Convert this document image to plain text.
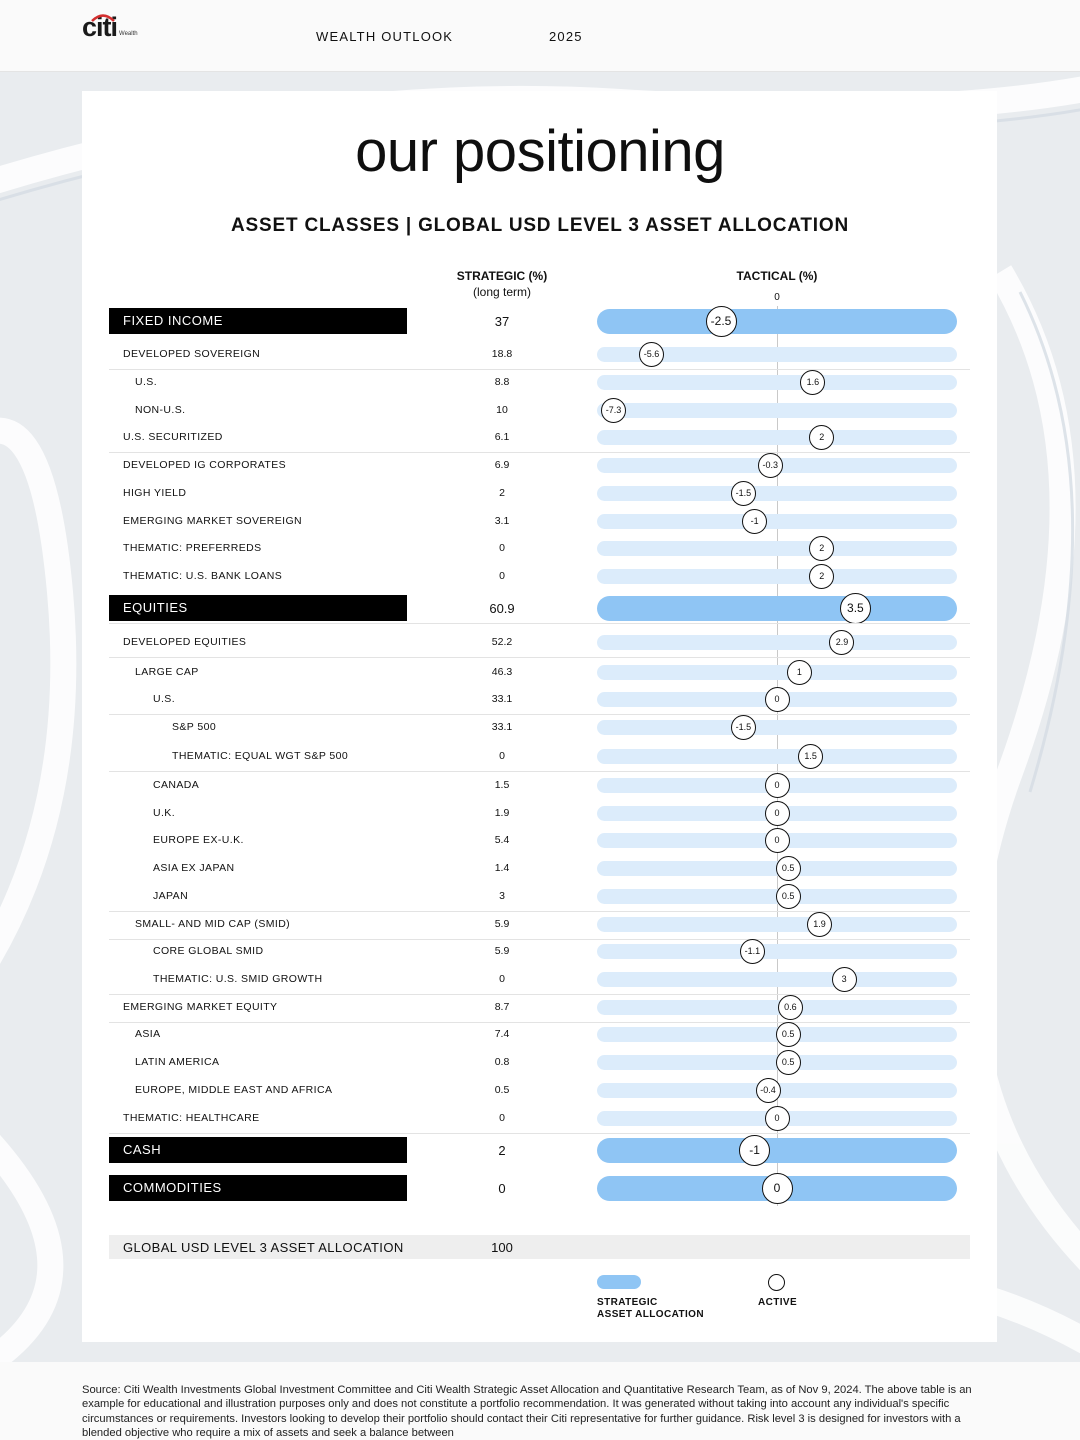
citi Wealth	WEALTH OUTLOOK	2025
our positioning
ASSET CLASSES | GLOBAL USD LEVEL 3 ASSET ALLOCATION
STRATEGIC (%)
(long term)
TACTICAL (%)
0
FIXED INCOME	37	-2.5
DEVELOPED SOVEREIGN	18.8	-5.6
U.S.	8.8	1.6
NON-U.S.	10	-7.3
U.S. SECURITIZED	6.1	2
DEVELOPED IG CORPORATES	6.9	-0.3
HIGH YIELD	2	-1.5
EMERGING MARKET SOVEREIGN	3.1	-1
THEMATIC: PREFERREDS	0	2
THEMATIC: U.S. BANK LOANS	0	2
EQUITIES	60.9	3.5
DEVELOPED EQUITIES	52.2	2.9
LARGE CAP	46.3	1
U.S.	33.1	0
S&P 500	33.1	-1.5
THEMATIC: EQUAL WGT S&P 500	0	1.5
CANADA	1.5	0
U.K.	1.9	0
EUROPE EX-U.K.	5.4	0
ASIA EX JAPAN	1.4	0.5
JAPAN	3	0.5
SMALL- AND MID CAP (SMID)	5.9	1.9
CORE GLOBAL SMID	5.9	-1.1
THEMATIC: U.S. SMID GROWTH	0	3
EMERGING MARKET EQUITY	8.7	0.6
ASIA	7.4	0.5
LATIN AMERICA	0.8	0.5
EUROPE, MIDDLE EAST AND AFRICA	0.5	-0.4
THEMATIC: HEALTHCARE	0	0
CASH	2	-1
COMMODITIES	0	0
GLOBAL USD LEVEL 3 ASSET ALLOCATION	100
STRATEGIC
ASSET ALLOCATION
ACTIVE
Source: Citi Wealth Investments Global Investment Committee and Citi Wealth Strategic Asset Allocation and Quantitative Research Team, as of Nov 9, 2024. The above table is an example for educational and illustration purposes only and does not constitute a portfolio recommendation. It was generated without taking into account any individual's specific circumstances or requirements. Investors looking to develop their portfolio should contact their Citi representative for further guidance. Risk level 3 is designed for investors with a blended objective who require a mix of assets and seek a balance between
